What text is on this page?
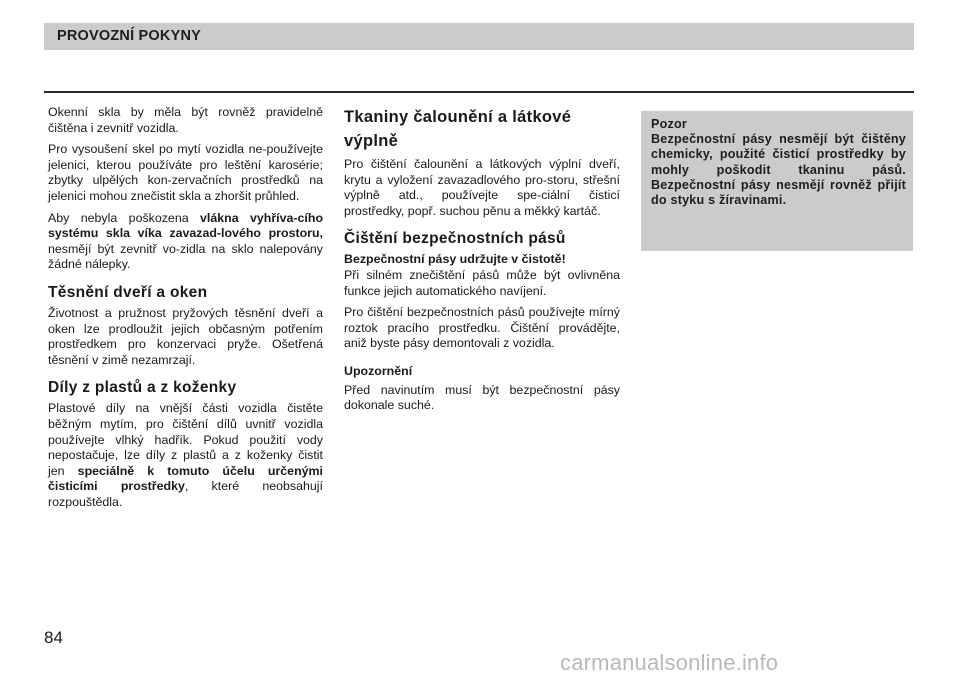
PROVOZNÍ POKYNY

Okenní skla by měla být rovněž pravidelně čištěna i zevnitř vozidla.

Pro vysoušení skel po mytí vozidla ne-používejte jelenici, kterou používáte pro leštění karosérie; zbytky ulpělých kon-zervačních prostředků na jelenici mohou znečistit skla a zhoršit průhled.

Aby nebyla poškozena vlákna vyhříva-cího systému skla víka zavazad-lového prostoru, nesmějí být zevnitř vo-zidla na sklo nalepovány žádné nálepky.

Těsnění dveří a oken

Životnost a pružnost pryžových těsnění dveří a oken lze prodloužit jejich občasným potřením prostředkem pro konzervaci pryže. Ošetřená těsnění v zimě nezamrzají.

Díly z plastů a z koženky

Plastové díly na vnější části vozidla čistěte běžným mytím, pro čištění dílů uvnitř vozidla používejte vlhký hadřík. Pokud použití vody nepostačuje, lze díly z plastů a z koženky čistit jen speciálně k tomuto účelu určenými čisticími prostředky, které neobsahují rozpouštědla.

Tkaniny čalounění a látkové výplně

Pro čištění čalounění a látkových výplní dveří, krytu a vyložení zavazadlového pro-storu, střešní výplně atd., používejte spe-ciální čisticí prostředky, popř. suchou pěnu a měkký kartáč.

Čištění bezpečnostních pásů
Bezpečnostní pásy udržujte v čistotě!

Při silném znečištění pásů může být ovlivněna funkce jejich automatického navíjení.

Pro čištění bezpečnostních pásů používejte mírný roztok pracího prostředku. Čištění provádějte, aniž byste pásy demontovali z vozidla.

Upozornění

Před navinutím musí být bezpečnostní pásy dokonale suché.

Pozor
Bezpečnostní pásy nesmějí být čištěny chemicky, použité čisticí prostředky by mohly poškodit tkaninu pásů. Bezpečnostní pásy nesmějí rovněž přijít do styku s žíravinami.
84
carmanualsonline.info
